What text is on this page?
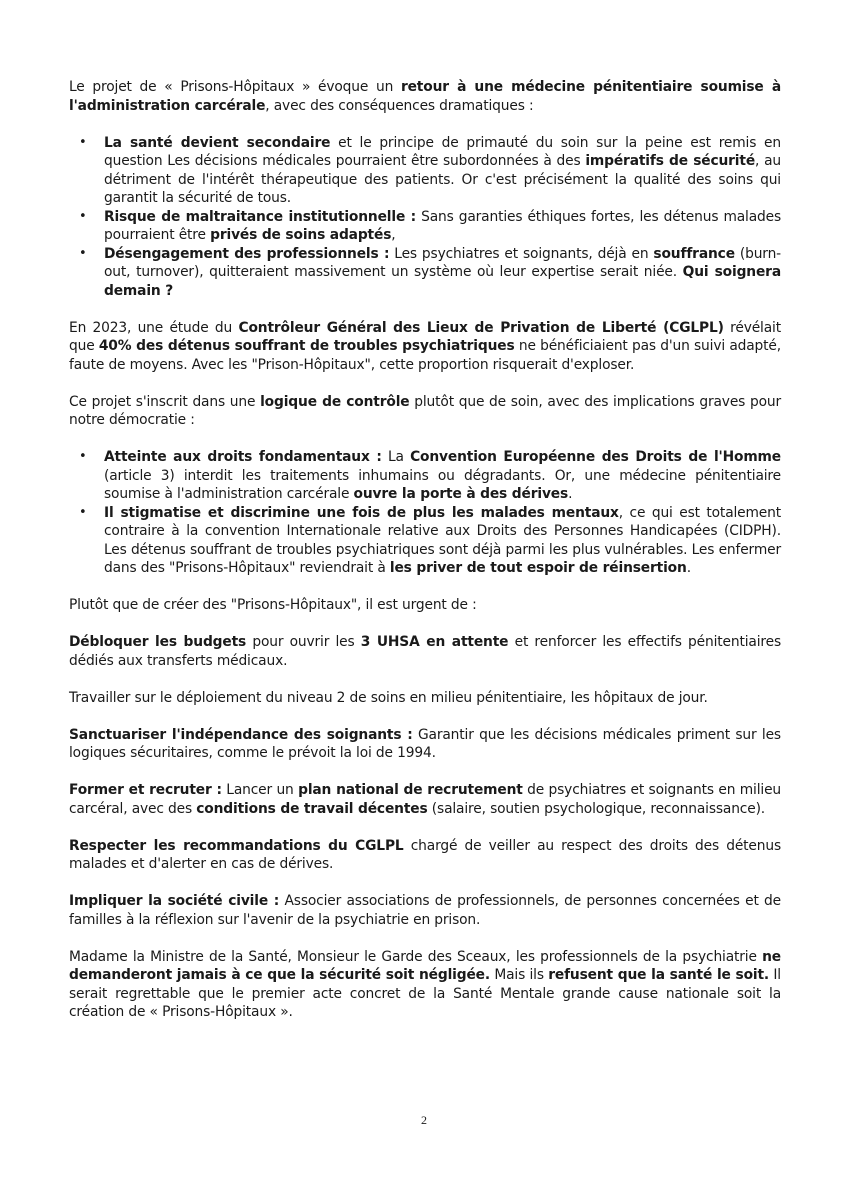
Le projet de « Prisons-Hôpitaux » évoque un retour à une médecine pénitentiaire soumise à l'administration carcérale, avec des conséquences dramatiques :

• La santé devient secondaire et le principe de primauté du soin sur la peine est remis en question Les décisions médicales pourraient être subordonnées à des impératifs de sécurité, au détriment de l'intérêt thérapeutique des patients. Or c'est précisément la qualité des soins qui garantit la sécurité de tous.
• Risque de maltraitance institutionnelle : Sans garanties éthiques fortes, les détenus malades pourraient être privés de soins adaptés,
• Désengagement des professionnels : Les psychiatres et soignants, déjà en souffrance (burn-out, turnover), quitteraient massivement un système où leur expertise serait niée. Qui soignera demain ?

En 2023, une étude du Contrôleur Général des Lieux de Privation de Liberté (CGLPL) révélait que 40% des détenus souffrant de troubles psychiatriques ne bénéficiaient pas d'un suivi adapté, faute de moyens. Avec les "Prison-Hôpitaux", cette proportion risquerait d'exploser.

Ce projet s'inscrit dans une logique de contrôle plutôt que de soin, avec des implications graves pour notre démocratie :

• Atteinte aux droits fondamentaux : La Convention Européenne des Droits de l'Homme (article 3) interdit les traitements inhumains ou dégradants. Or, une médecine pénitentiaire soumise à l'administration carcérale ouvre la porte à des dérives.
• Il stigmatise et discrimine une fois de plus les malades mentaux, ce qui est totalement contraire à la convention Internationale relative aux Droits des Personnes Handicapées (CIDPH). Les détenus souffrant de troubles psychiatriques sont déjà parmi les plus vulnérables. Les enfermer dans des "Prisons-Hôpitaux" reviendrait à les priver de tout espoir de réinsertion.

Plutôt que de créer des "Prisons-Hôpitaux", il est urgent de :

Débloquer les budgets pour ouvrir les 3 UHSA en attente et renforcer les effectifs pénitentiaires dédiés aux transferts médicaux.

Travailler sur le déploiement du niveau 2 de soins en milieu pénitentiaire, les hôpitaux de jour.

Sanctuariser l'indépendance des soignants : Garantir que les décisions médicales priment sur les logiques sécuritaires, comme le prévoit la loi de 1994.

Former et recruter : Lancer un plan national de recrutement de psychiatres et soignants en milieu carcéral, avec des conditions de travail décentes (salaire, soutien psychologique, reconnaissance).

Respecter les recommandations du CGLPL chargé de veiller au respect des droits des détenus malades et d'alerter en cas de dérives.

Impliquer la société civile : Associer associations de professionnels, de personnes concernées et de familles à la réflexion sur l'avenir de la psychiatrie en prison.

Madame la Ministre de la Santé, Monsieur le Garde des Sceaux, les professionnels de la psychiatrie ne demanderont jamais à ce que la sécurité soit négligée. Mais ils refusent que la santé le soit. Il serait regrettable que le premier acte concret de la Santé Mentale grande cause nationale soit la création de « Prisons-Hôpitaux ».

2
